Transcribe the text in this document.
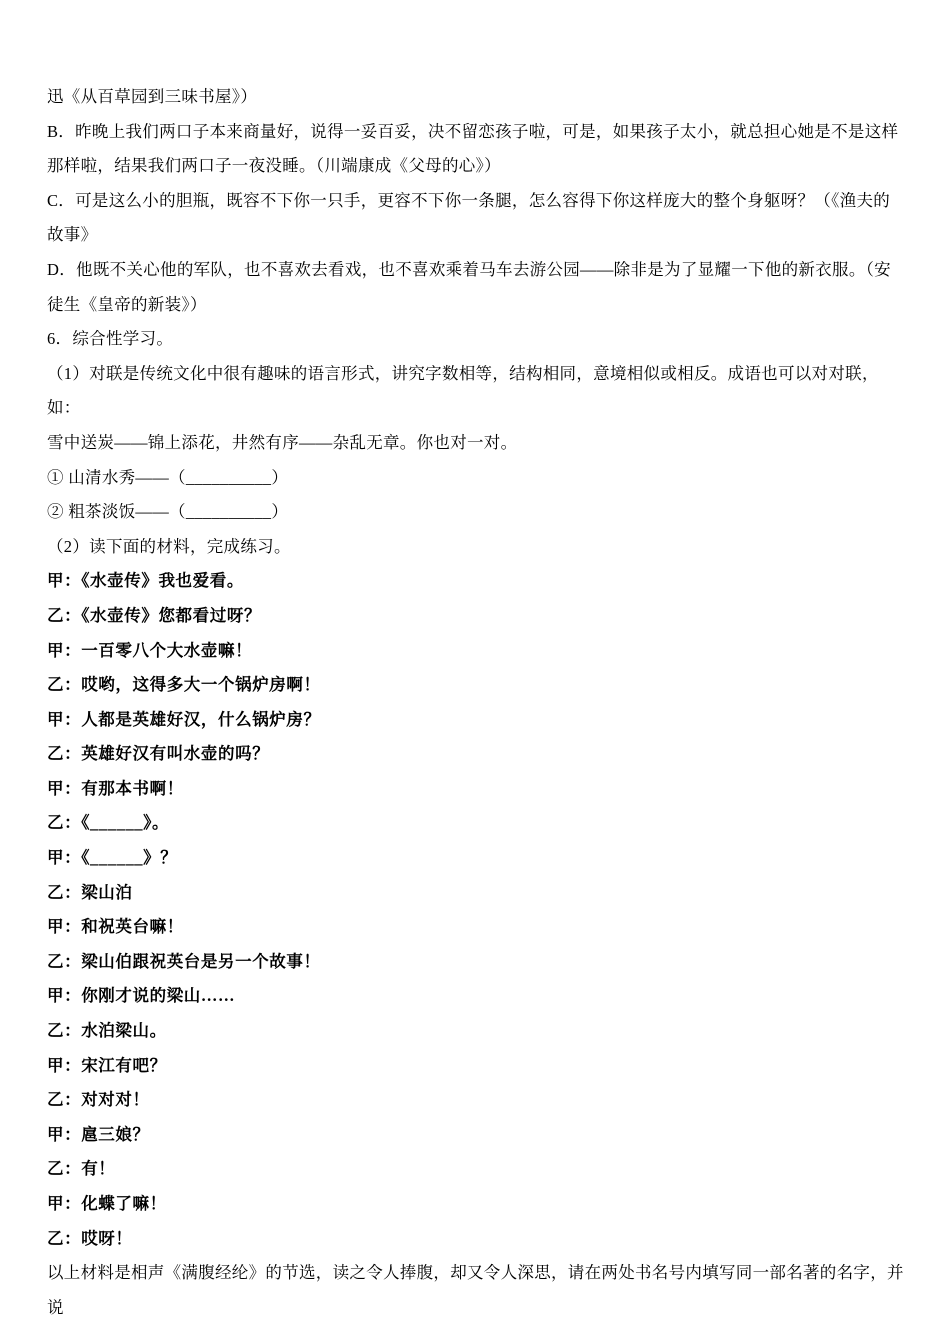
迅《从百草园到三味书屋》）
B．昨晚上我们两口子本来商量好，说得一妥百妥，决不留恋孩子啦，可是，如果孩子太小，就总担心她是不是这样
那样啦，结果我们两口子一夜没睡。（川端康成《父母的心》）
C．可是这么小的胆瓶，既容不下你一只手，更容不下你一条腿，怎么容得下你这样庞大的整个身躯呀？（《渔夫的
故事》
D．他既不关心他的军队，也不喜欢去看戏，也不喜欢乘着马车去游公园——除非是为了显耀一下他的新衣服。（安
徒生《皇帝的新装》）
6．综合性学习。
（1）对联是传统文化中很有趣味的语言形式，讲究字数相等，结构相同，意境相似或相反。成语也可以对对联，如：
雪中送炭——锦上添花，井然有序——杂乱无章。你也对一对。
① 山清水秀——（__________）
② 粗茶淡饭——（__________）
（2）读下面的材料，完成练习。
甲：《水壶传》我也爱看。
乙：《水壶传》您都看过呀？
甲：一百零八个大水壶嘛！
乙：哎哟，这得多大一个锅炉房啊！
甲：人都是英雄好汉，什么锅炉房？
乙：英雄好汉有叫水壶的吗？
甲：有那本书啊！
乙：《______》。
甲：《______》？
乙：梁山泊
甲：和祝英台嘛！
乙：梁山伯跟祝英台是另一个故事！
甲：你刚才说的梁山……
乙：水泊梁山。
甲：宋江有吧？
乙：对对对！
甲：扈三娘？
乙：有！
甲：化蝶了嘛！
乙：哎呀！
以上材料是相声《满腹经纶》的节选，读之令人捧腹，却又令人深思，请在两处书名号内填写同一部名著的名字，并说
